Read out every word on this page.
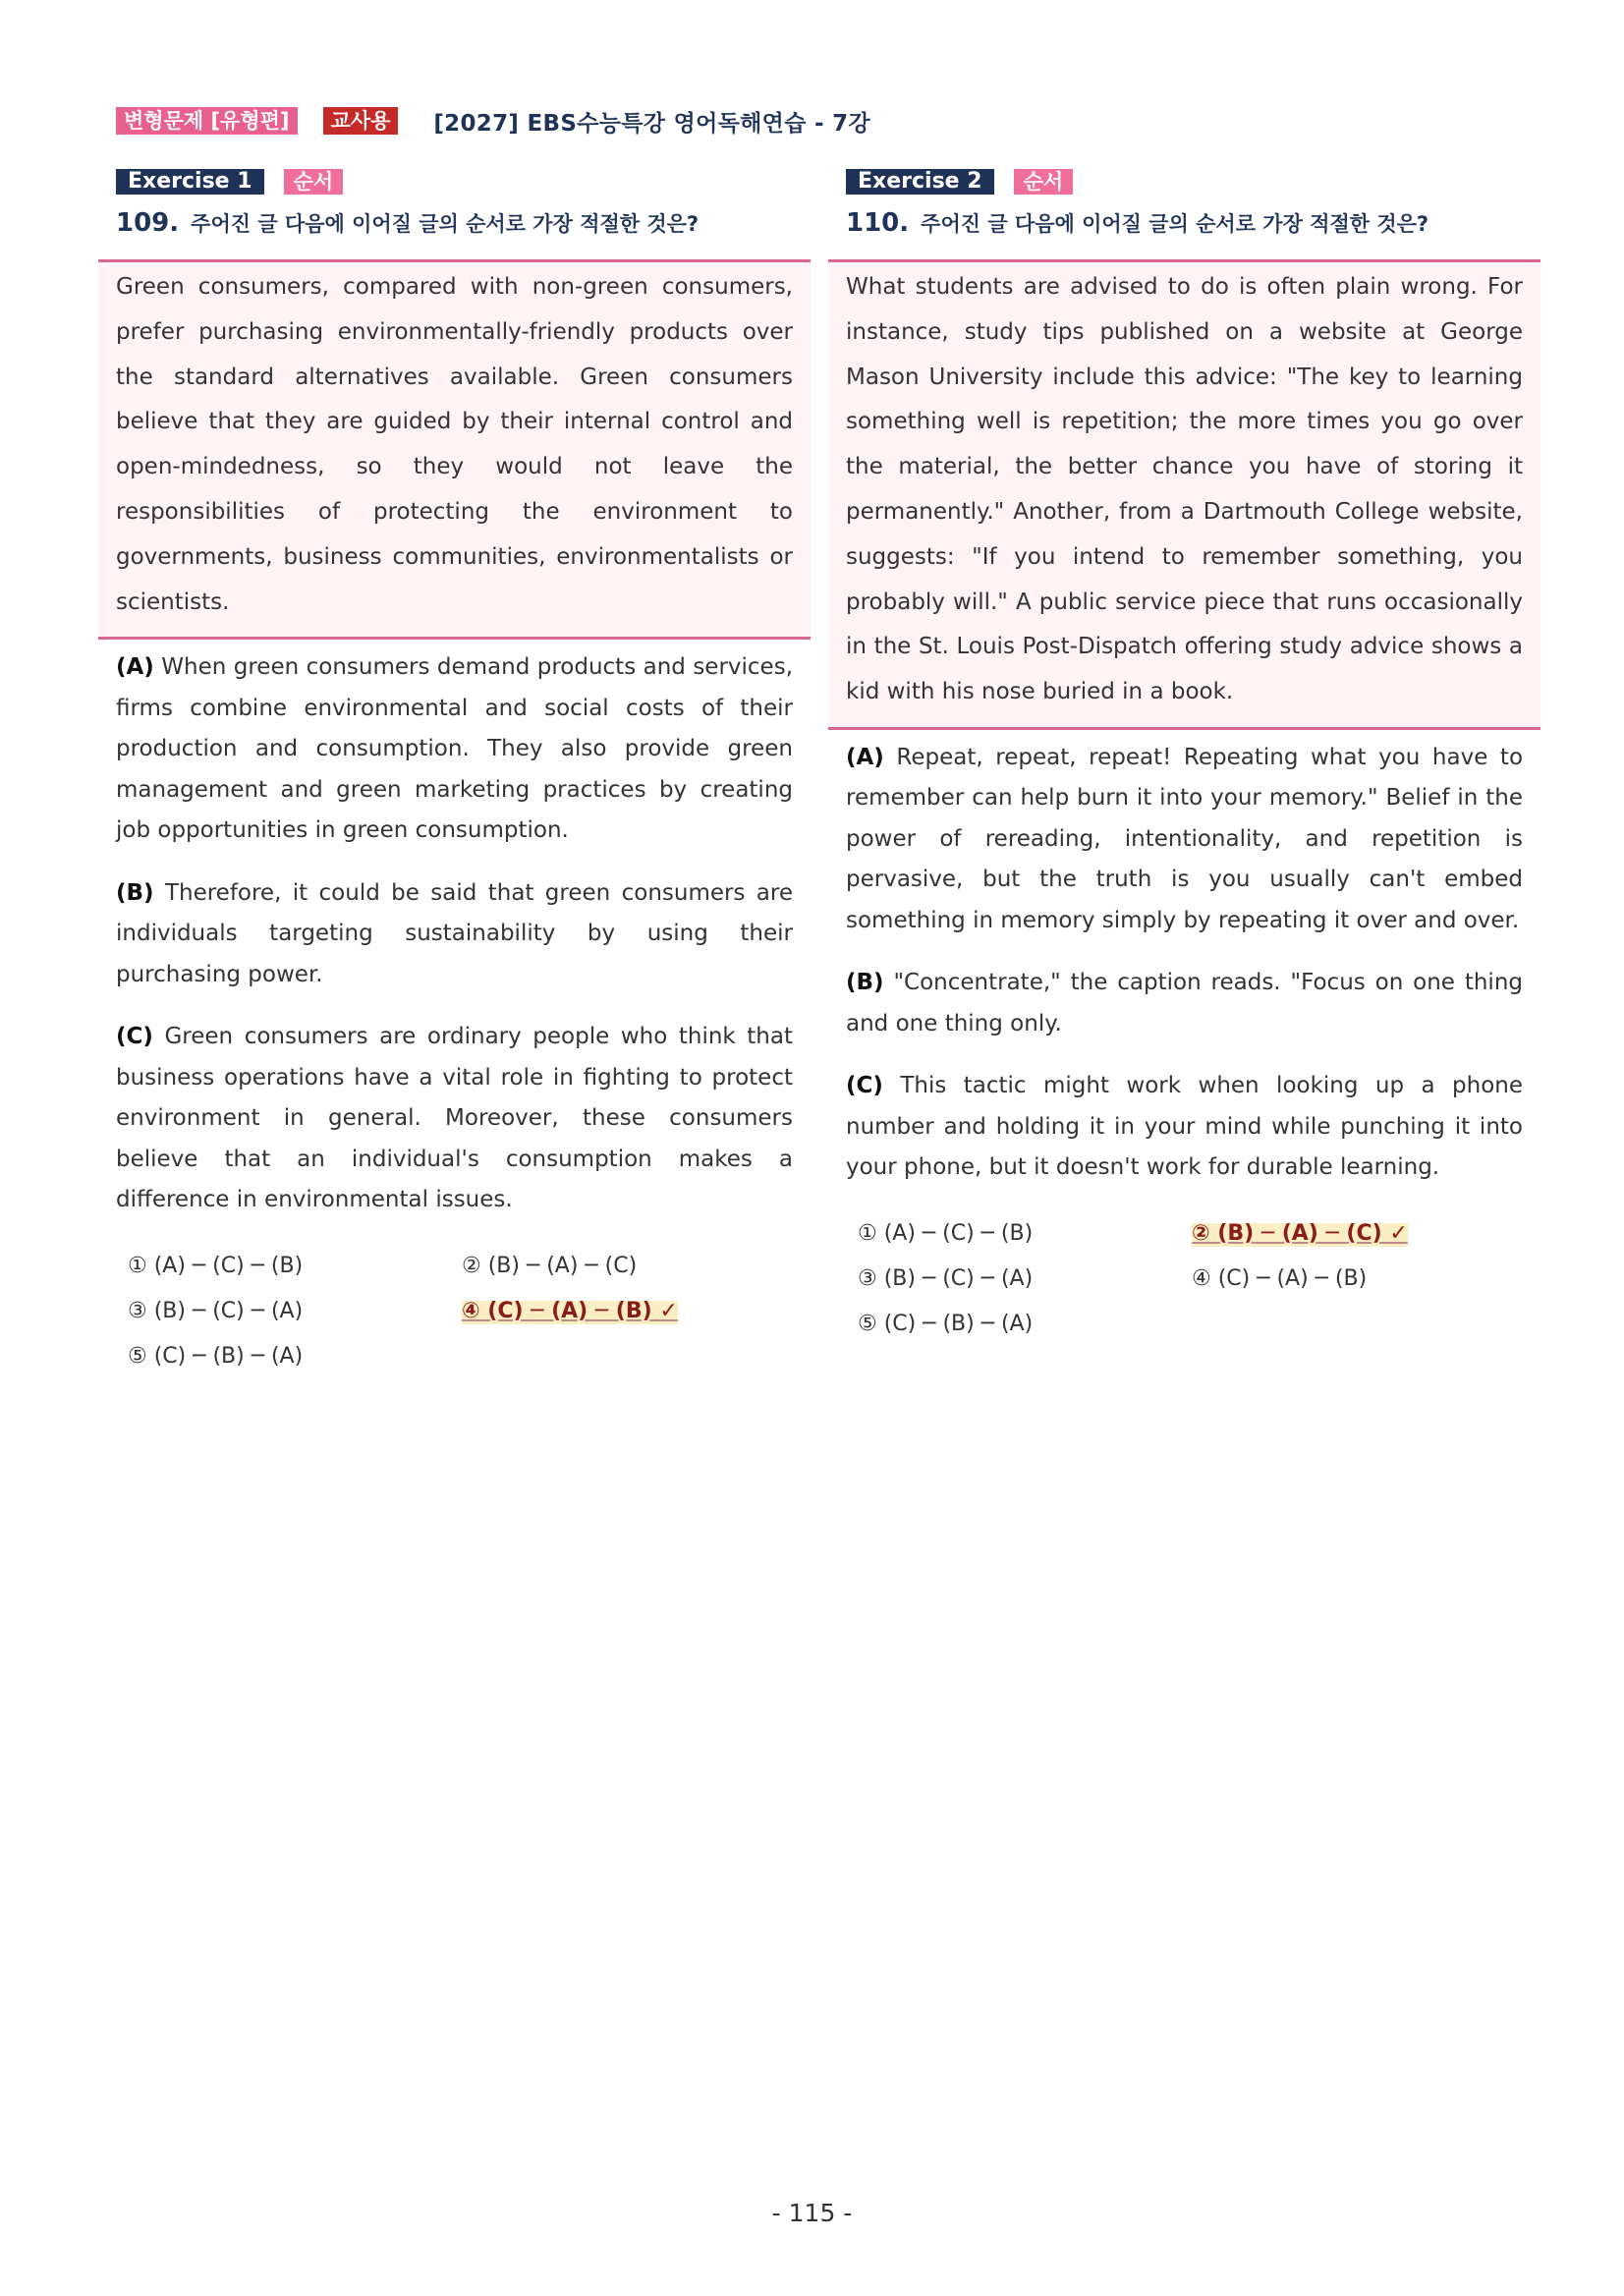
변형문제 [유형편]	교사용	[2027] EBS수능특강 영어독해연습 - 7강
Exercise 1	순서
109. 주어진 글 다음에 이어질 글의 순서로 가장 적절한 것은?

Green consumers, compared with non-green consumers, prefer purchasing environmentally-friendly products over the standard alternatives available. Green consumers believe that they are guided by their internal control and open-mindedness, so they would not leave the responsibilities of protecting the environment to governments, business communities, environmentalists or scientists.

(A) When green consumers demand products and services, firms combine environmental and social costs of their production and consumption. They also provide green management and green marketing practices by creating job opportunities in green consumption.

(B) Therefore, it could be said that green consumers are individuals targeting sustainability by using their purchasing power.

(C) Green consumers are ordinary people who think that business operations have a vital role in fighting to protect environment in general. Moreover, these consumers believe that an individual's consumption makes a difference in environmental issues.

① (A) ─ (C) ─ (B)	② (B) ─ (A) ─ (C)
③ (B) ─ (C) ─ (A)	④ (C) ─ (A) ─ (B) ✓
⑤ (C) ─ (B) ─ (A)
Exercise 2	순서
110. 주어진 글 다음에 이어질 글의 순서로 가장 적절한 것은?

What students are advised to do is often plain wrong. For instance, study tips published on a website at George Mason University include this advice: "The key to learning something well is repetition; the more times you go over the material, the better chance you have of storing it permanently." Another, from a Dartmouth College website, suggests: "If you intend to remember something, you probably will." A public service piece that runs occasionally in the St. Louis Post-Dispatch offering study advice shows a kid with his nose buried in a book.

(A) Repeat, repeat, repeat! Repeating what you have to remember can help burn it into your memory." Belief in the power of rereading, intentionality, and repetition is pervasive, but the truth is you usually can't embed something in memory simply by repeating it over and over.

(B) "Concentrate," the caption reads. "Focus on one thing and one thing only.

(C) This tactic might work when looking up a phone number and holding it in your mind while punching it into your phone, but it doesn't work for durable learning.

① (A) ─ (C) ─ (B)	② (B) ─ (A) ─ (C) ✓
③ (B) ─ (C) ─ (A)	④ (C) ─ (A) ─ (B)
⑤ (C) ─ (B) ─ (A)
- 115 -
